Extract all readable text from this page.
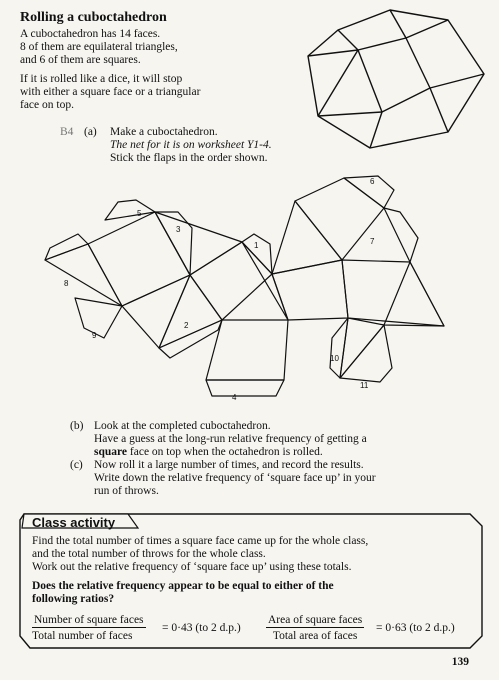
Rolling a cuboctahedron

A cuboctahedron has 14 faces.
8 of them are equilateral triangles,
and 6 of them are squares.

If it is rolled like a dice, it will stop
with either a square face or a triangular
face on top.

B4 (a) Make a cuboctahedron.
The net for it is on worksheet Y1-4.
Stick the flaps in the order shown.
1
2
3
4
5
6
7
8
9
10
11
(b) Look at the completed cuboctahedron.
Have a guess at the long-run relative frequency of getting a
square face on top when the octahedron is rolled.
(c) Now roll it a large number of times, and record the results.
Write down the relative frequency of ‘square face up’ in your
run of throws.
Class activity

Find the total number of times a square face came up for the whole class,
and the total number of throws for the whole class.
Work out the relative frequency of ‘square face up’ using these totals.

Does the relative frequency appear to be equal to either of the
following ratios?

Number of square faces
Total number of faces
= 0·43 (to 2 d.p.)
Area of square faces
Total area of faces
= 0·63 (to 2 d.p.)
139
